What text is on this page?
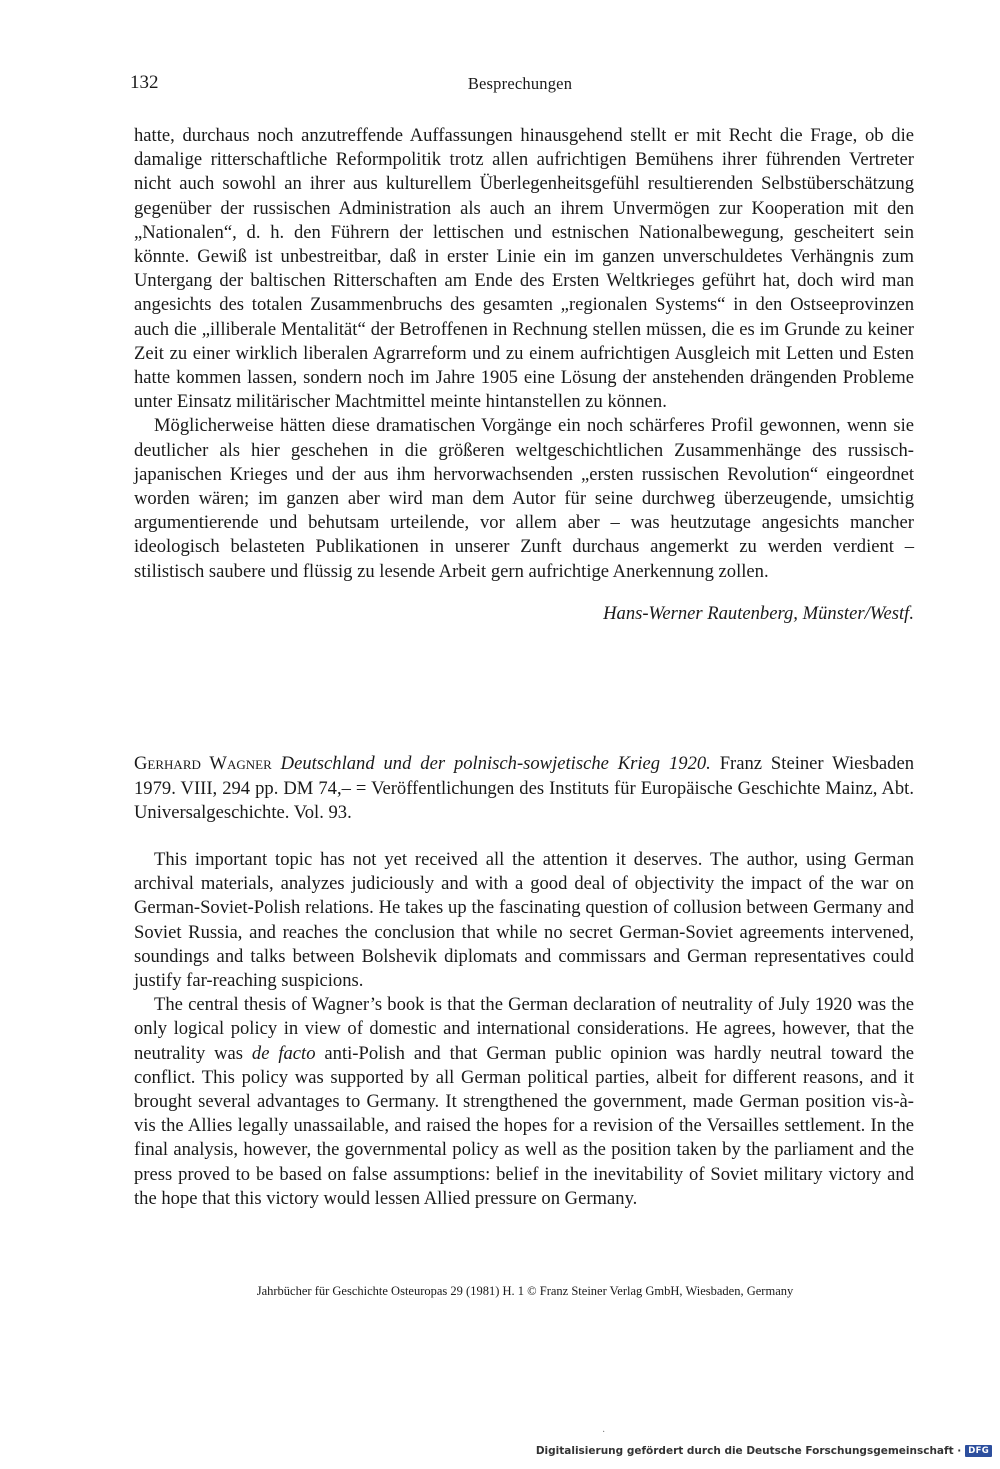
132	Besprechungen

hatte, durchaus noch anzutreffende Auffassungen hinausgehend stellt er mit Recht die Frage, ob die damalige ritterschaftliche Reformpolitik trotz allen aufrichtigen Bemühens ihrer führenden Vertreter nicht auch sowohl an ihrer aus kulturellem Überlegenheitsgefühl resultierenden Selbstüberschätzung gegenüber der russischen Administration als auch an ihrem Unvermögen zur Kooperation mit den „Nationalen“, d. h. den Führern der lettischen und estnischen Nationalbewegung, gescheitert sein könnte. Gewiß ist unbestreitbar, daß in erster Linie ein im ganzen unverschuldetes Verhängnis zum Untergang der baltischen Ritterschaften am Ende des Ersten Weltkrieges geführt hat, doch wird man angesichts des totalen Zusammenbruchs des gesamten „regionalen Systems“ in den Ostseeprovinzen auch die „illiberale Mentalität“ der Betroffenen in Rechnung stellen müssen, die es im Grunde zu keiner Zeit zu einer wirklich liberalen Agrarreform und zu einem aufrichtigen Ausgleich mit Letten und Esten hatte kommen lassen, sondern noch im Jahre 1905 eine Lösung der anstehenden drängenden Probleme unter Einsatz militärischer Machtmittel meinte hintanstellen zu können.

Möglicherweise hätten diese dramatischen Vorgänge ein noch schärferes Profil gewonnen, wenn sie deutlicher als hier geschehen in die größeren weltgeschichtlichen Zusammenhänge des russisch-japanischen Krieges und der aus ihm hervorwachsenden „ersten russischen Revolution“ eingeordnet worden wären; im ganzen aber wird man dem Autor für seine durchweg überzeugende, umsichtig argumentierende und behutsam urteilende, vor allem aber – was heutzutage angesichts mancher ideologisch belasteten Publikationen in unserer Zunft durchaus angemerkt zu werden verdient – stilistisch saubere und flüssig zu lesende Arbeit gern aufrichtige Anerkennung zollen.

Hans-Werner Rautenberg, Münster/Westf.

Gerhard Wagner Deutschland und der polnisch-sowjetische Krieg 1920. Franz Steiner Wiesbaden 1979. VIII, 294 pp. DM 74,– = Veröffentlichungen des Instituts für Europäische Geschichte Mainz, Abt. Universalgeschichte. Vol. 93.

This important topic has not yet received all the attention it deserves. The author, using German archival materials, analyzes judiciously and with a good deal of objectivity the impact of the war on German-Soviet-Polish relations. He takes up the fascinating question of collusion between Germany and Soviet Russia, and reaches the conclusion that while no secret German-Soviet agreements intervened, soundings and talks between Bolshevik diplomats and commissars and German representatives could justify far-reaching suspicions.

The central thesis of Wagner’s book is that the German declaration of neutrality of July 1920 was the only logical policy in view of domestic and international considerations. He agrees, however, that the neutrality was de facto anti-Polish and that German public opinion was hardly neutral toward the conflict. This policy was supported by all German political parties, albeit for different reasons, and it brought several advantages to Germany. It strengthened the government, made German position vis-à-vis the Allies legally unassailable, and raised the hopes for a revision of the Versailles settlement. In the final analysis, however, the governmental policy as well as the position taken by the parliament and the press proved to be based on false assumptions: belief in the inevitability of Soviet military victory and the hope that this victory would lessen Allied pressure on Germany.

Jahrbücher für Geschichte Osteuropas 29 (1981) H. 1 © Franz Steiner Verlag GmbH, Wiesbaden, Germany
·
Digitalisierung gefördert durch die Deutsche Forschungsgemeinschaft · DFG
